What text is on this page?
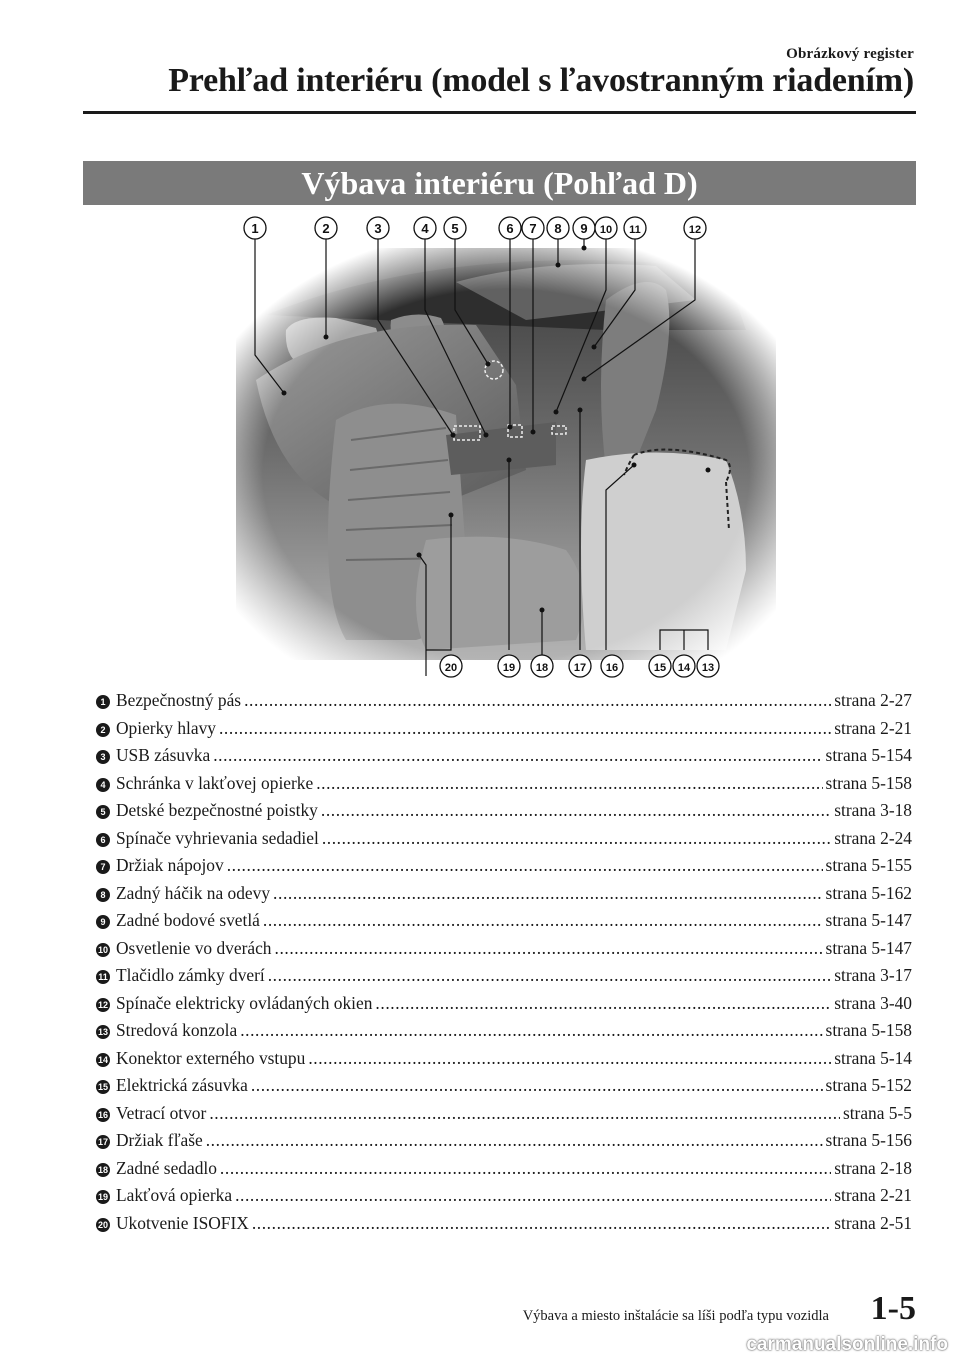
Obrázkový register
Prehľad interiéru (model s ľavostranným riadením)
Výbava interiéru (Pohľad D)
1	2	3	4 5	6 7 8 9 10 11	12
20	19 18 17 16	15 14 13
1 Bezpečnostný pás .....	strana 2-27
2 Opierky hlavy .....	strana 2-21
3 USB zásuvka .....	strana 5-154
4 Schránka v lakťovej opierke .....	strana 5-158
5 Detské bezpečnostné poistky .....	strana 3-18
6 Spínače vyhrievania sedadiel .....	strana 2-24
7 Držiak nápojov .....	strana 5-155
8 Zadný háčik na odevy .....	strana 5-162
9 Zadné bodové svetlá .....	strana 5-147
10 Osvetlenie vo dverách .....	strana 5-147
11 Tlačidlo zámky dverí .....	strana 3-17
12 Spínače elektricky ovládaných okien .....	strana 3-40
13 Stredová konzola .....	strana 5-158
14 Konektor externého vstupu .....	strana 5-14
15 Elektrická zásuvka .....	strana 5-152
16 Vetrací otvor .....	strana 5-5
17 Držiak fľaše .....	strana 5-156
18 Zadné sedadlo .....	strana 2-18
19 Lakťová opierka .....	strana 2-21
20 Ukotvenie ISOFIX .....	strana 2-51
Výbava a miesto inštalácie sa líši podľa typu vozidla 1-5
carmanualsonline.info
